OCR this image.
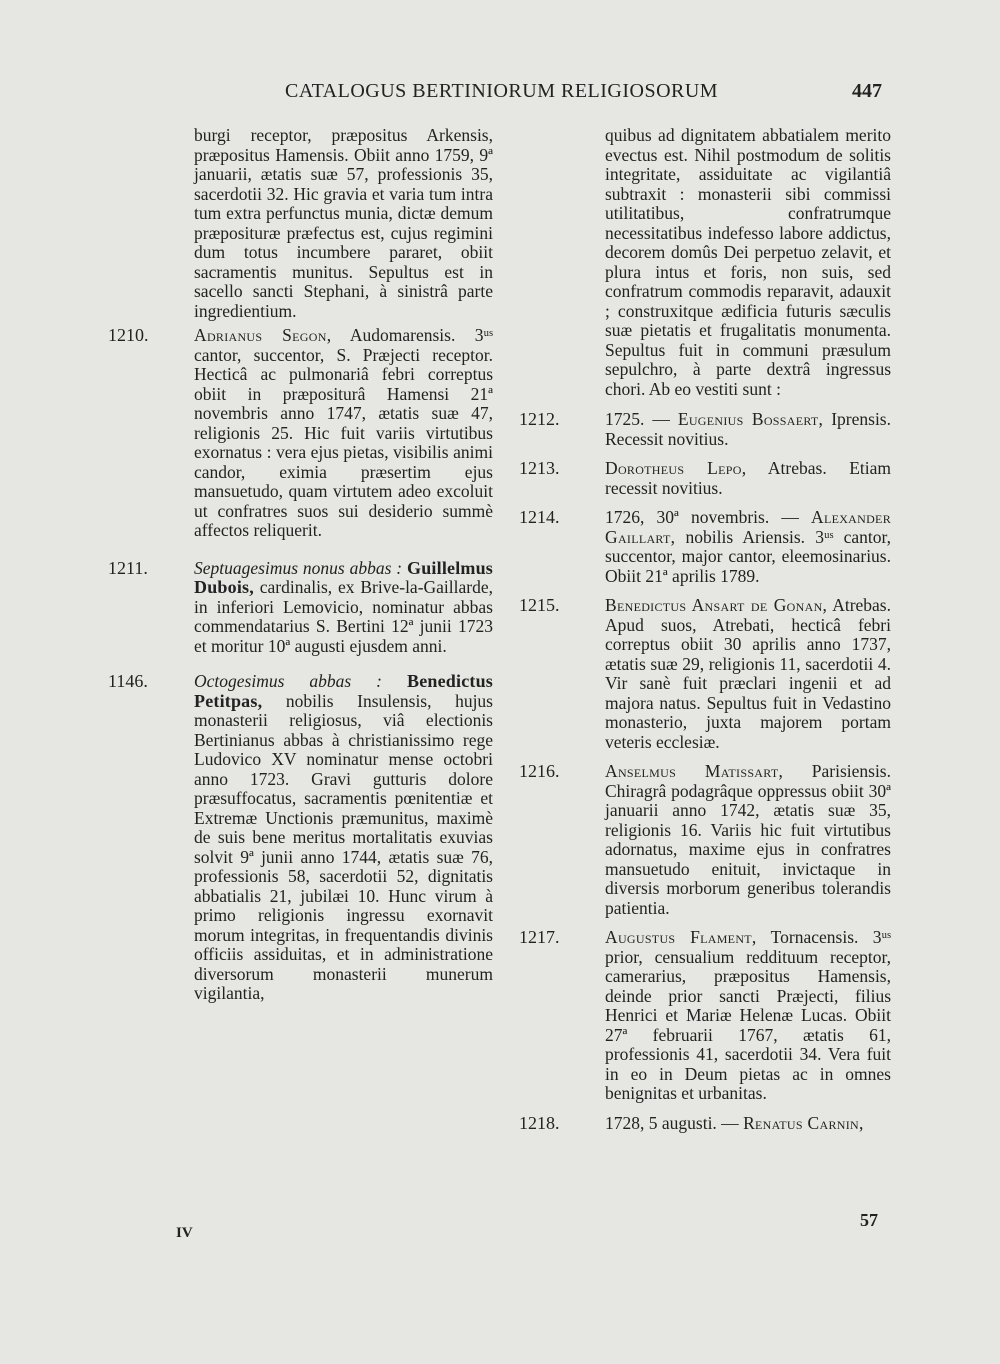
CATALOGUS BERTINIORUM RELIGIOSORUM	447

burgi receptor, præpositus Arkensis, præpositus Hamensis. Obiit anno 1759, 9ª januarii, ætatis suæ 57, professionis 35, sacerdotii 32. Hic gravia et varia tum intra tum extra perfunctus munia, dictæ demum præposituræ præfectus est, cujus regimini dum totus incumbere pararet, obiit sacramentis munitus. Sepultus est in sacello sancti Stephani, à sinistrâ parte ingredientium.

1210.	Adrianus Segon, Audomarensis. 3ᵘˢ cantor, succentor, S. Præjecti receptor. Hecticâ ac pulmonariâ febri correptus obiit in præpositurâ Hamensi 21ª novembris anno 1747, ætatis suæ 47, religionis 25. Hic fuit variis virtutibus exornatus : vera ejus pietas, visibilis animi candor, eximia præsertim ejus mansuetudo, quam virtutem adeo excoluit ut confratres suos sui desiderio summè affectos reliquerit.
1211.	Septuagesimus nonus abbas : Guillelmus Dubois, cardinalis, ex Brive-la-Gaillarde, in inferiori Lemovicio, nominatur abbas commendatarius S. Bertini 12ª junii 1723 et moritur 10ª augusti ejusdem anni.
1146.	Octogesimus abbas : Benedictus Petitpas, nobilis Insulensis, hujus monasterii religiosus, viâ electionis Bertinianus abbas à christianissimo rege Ludovico XV nominatur mense octobri anno 1723. Gravi gutturis dolore præsuffocatus, sacramentis pœnitentiæ et Extremæ Unctionis præmunitus, maximè de suis bene meritus mortalitatis exuvias solvit 9ª junii anno 1744, ætatis suæ 76, professionis 58, sacerdotii 52, dignitatis abbatialis 21, jubilæi 10. Hunc virum à primo religionis ingressu exornavit morum integritas, in frequentandis divinis officiis assiduitas, et in administratione diversorum monasterii munerum vigilantia,

quibus ad dignitatem abbatialem merito evectus est. Nihil postmodum de solitis integritate, assiduitate ac vigilantiâ subtraxit : monasterii sibi commissi utilitatibus, confratrumque necessitatibus indefesso labore addictus, decorem domûs Dei perpetuo zelavit, et plura intus et foris, non suis, sed confratrum commodis reparavit, adauxit ; construxitque ædificia futuris sæculis suæ pietatis et frugalitatis monumenta. Sepultus fuit in communi præsulum sepulchro, à parte dextrâ ingressus chori. Ab eo vestiti sunt :

1212.	1725. — Eugenius Bossaert, Iprensis. Recessit novitius.
1213.	Dorotheus Lepo, Atrebas. Etiam recessit novitius.
1214.	1726, 30ª novembris. — Alexander Gaillart, nobilis Ariensis. 3ᵘˢ cantor, succentor, major cantor, eleemosinarius. Obiit 21ª aprilis 1789.
1215.	Benedictus Ansart de Gonan, Atrebas. Apud suos, Atrebati, hecticâ febri correptus obiit 30 aprilis anno 1737, ætatis suæ 29, religionis 11, sacerdotii 4. Vir sanè fuit præclari ingenii et ad majora natus. Sepultus fuit in Vedastino monasterio, juxta majorem portam veteris ecclesiæ.
1216.	Anselmus Matissart, Parisiensis. Chiragrâ podagrâque oppressus obiit 30ª januarii anno 1742, ætatis suæ 35, religionis 16. Variis hic fuit virtutibus adornatus, maxime ejus in confratres mansuetudo enituit, invictaque in diversis morborum generibus tolerandis patientia.
1217.	Augustus Flament, Tornacensis. 3ᵘˢ prior, censualium reddituum receptor, camerarius, præpositus Hamensis, deinde prior sancti Præjecti, filius Henrici et Mariæ Helenæ Lucas. Obiit 27ª februarii 1767, ætatis 61, professionis 41, sacerdotii 34. Vera fuit in eo in Deum pietas ac in omnes benignitas et urbanitas.
1218.	1728, 5 augusti. — Renatus Carnin,
IV
57
